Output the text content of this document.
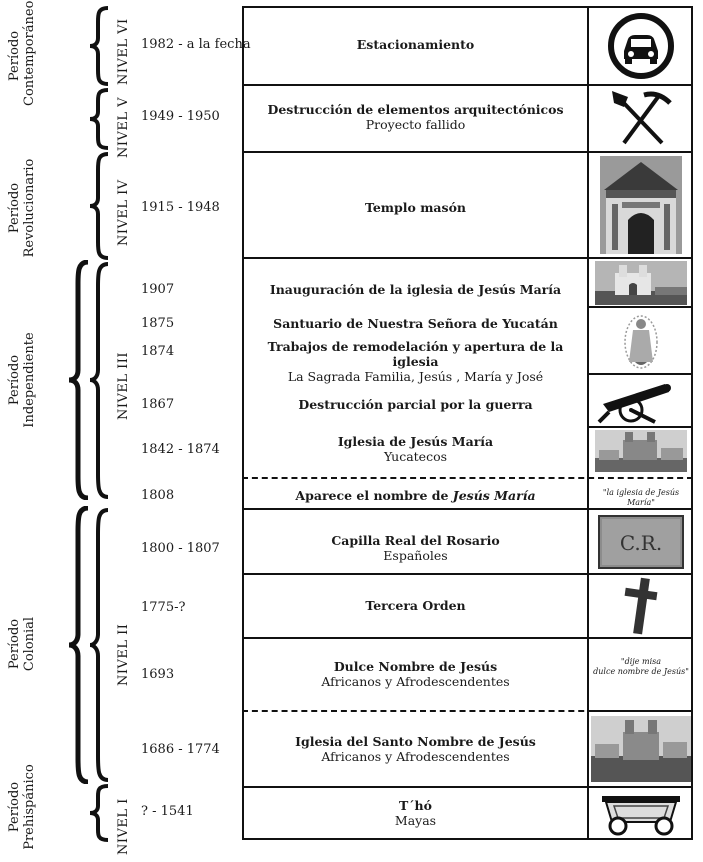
Período Contemporáneo
Período Revolucionario
Período Independiente
Período Colonial
Período Prehispánico
NIVEL VI
NIVEL V
NIVEL IV
NIVEL III
NIVEL II
NIVEL I
1982 - a la fecha
1949 - 1950
1915 - 1948
1907
1875
1874
1867
1842 - 1874
1808
1800 - 1807
1775-?
1693
1686 - 1774
? - 1541
Estacionamiento
Destrucción de elementos arquitectónicos
Proyecto fallido
Templo masón
Inauguración de la iglesia de Jesús María
Santuario de Nuestra Señora de Yucatán
Trabajos de remodelación y apertura de la iglesia
La Sagrada Familia, Jesús , María y José
Destrucción parcial por la guerra
Iglesia de Jesús María
Yucatecos
Aparece el nombre de Jesús María
Capilla Real del Rosario
Españoles
Tercera Orden
Dulce Nombre de Jesús
Africanos y Afrodescendentes
Iglesia del Santo Nombre de Jesús
Africanos y Afrodescendentes
T´hó
Mayas
"la iglesia de Jesús María"
C.R.
"dije misa
dulce nombre de Jesús"
